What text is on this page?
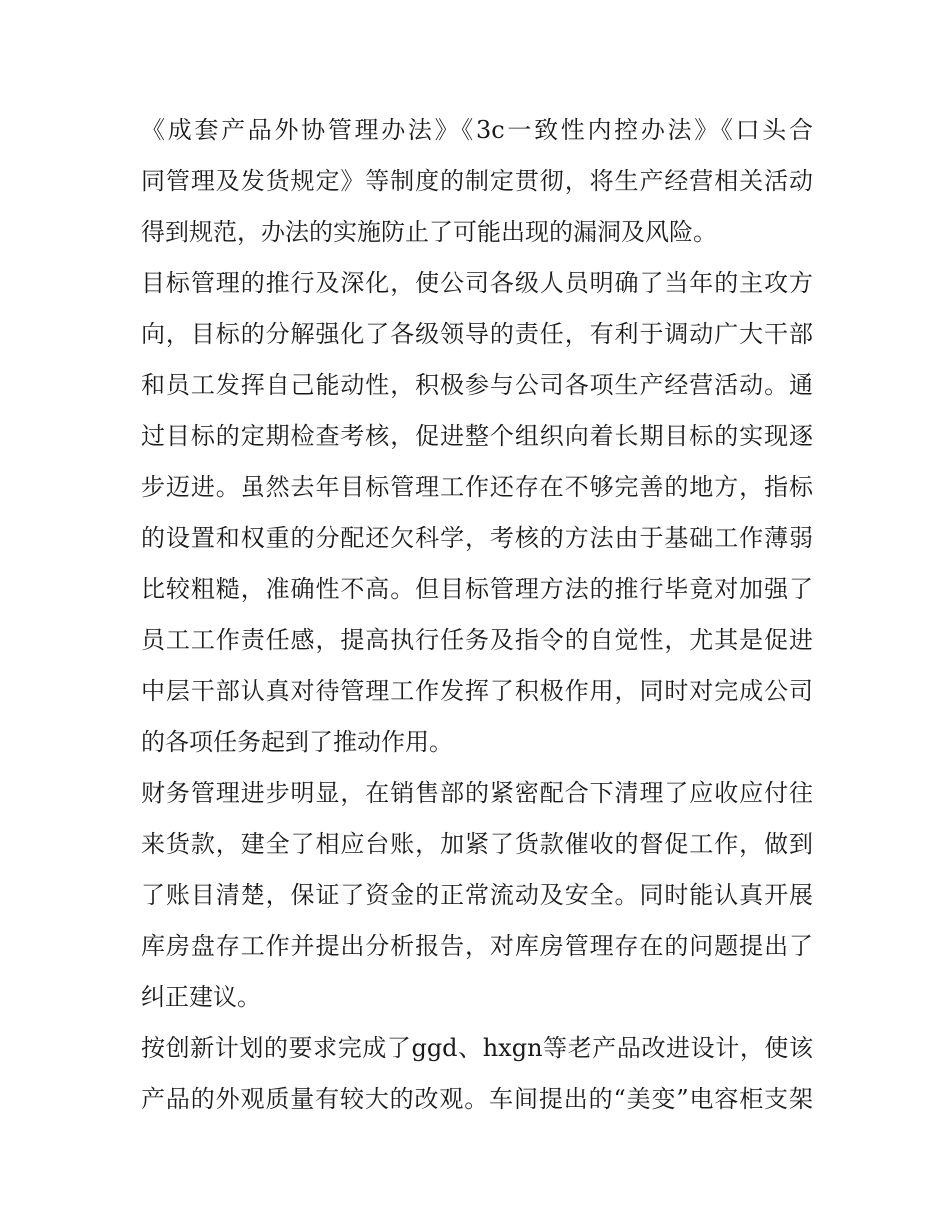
《成套产品外协管理办法》《3c一致性内控办法》《口头合
同管理及发货规定》等制度的制定贯彻，将生产经营相关活动
得到规范，办法的实施防止了可能出现的漏洞及风险。
目标管理的推行及深化，使公司各级人员明确了当年的主攻方
向，目标的分解强化了各级领导的责任，有利于调动广大干部
和员工发挥自己能动性，积极参与公司各项生产经营活动。通
过目标的定期检查考核，促进整个组织向着长期目标的实现逐
步迈进。虽然去年目标管理工作还存在不够完善的地方，指标
的设置和权重的分配还欠科学，考核的方法由于基础工作薄弱
比较粗糙，准确性不高。但目标管理方法的推行毕竟对加强了
员工工作责任感，提高执行任务及指令的自觉性，尤其是促进
中层干部认真对待管理工作发挥了积极作用，同时对完成公司
的各项任务起到了推动作用。
财务管理进步明显，在销售部的紧密配合下清理了应收应付往
来货款，建全了相应台账，加紧了货款催收的督促工作，做到
了账目清楚，保证了资金的正常流动及安全。同时能认真开展
库房盘存工作并提出分析报告，对库房管理存在的问题提出了
纠正建议。
按创新计划的要求完成了ggd、hxgn等老产品改进设计，使该
产品的外观质量有较大的改观。车间提出的“美变”电容柜支架
